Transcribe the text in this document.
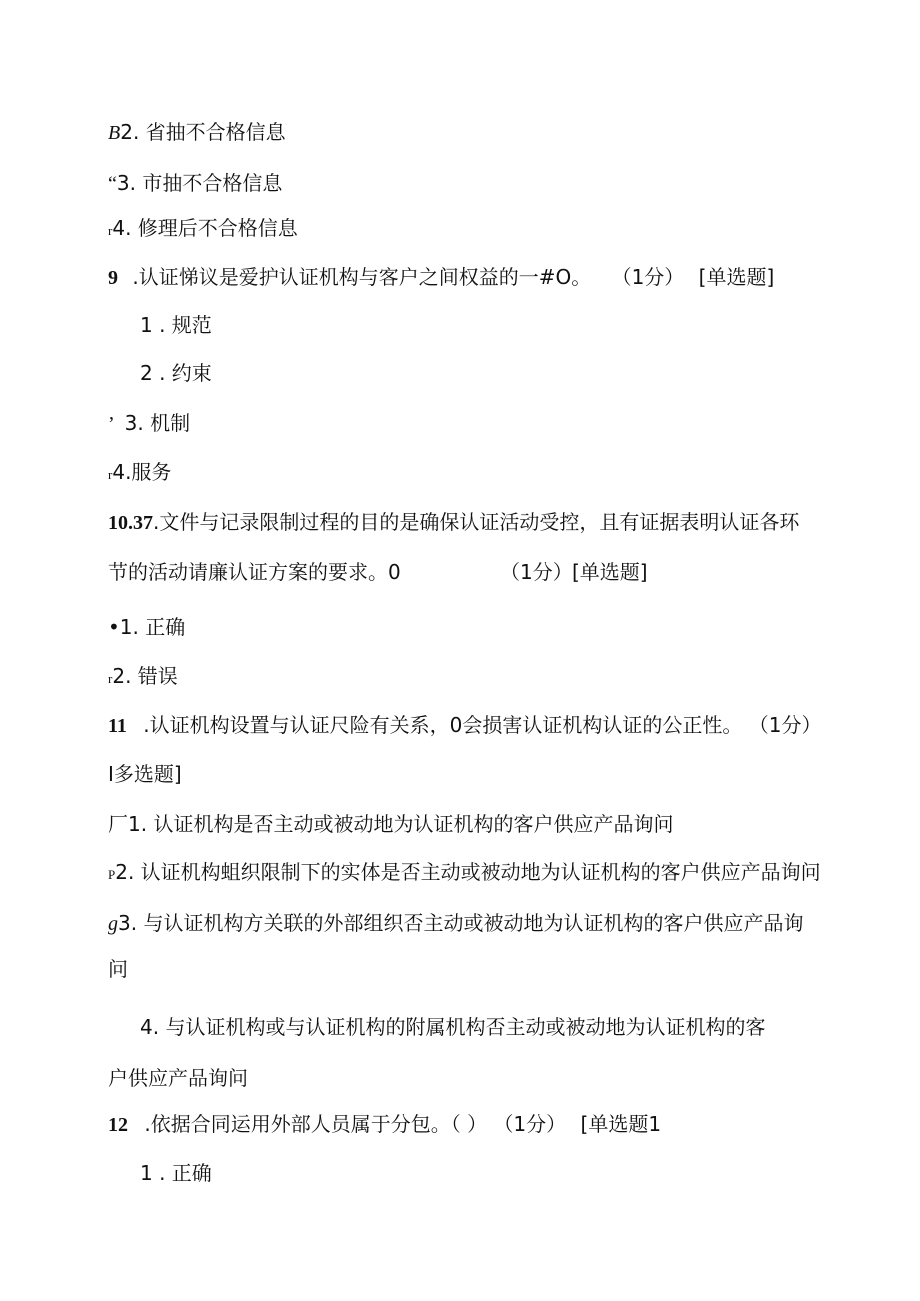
B2. 省抽不合格信息
“3. 市抽不合格信息
r4. 修理后不合格信息
9 .认证悌议是爱护认证机构与客户之间权益的一#O。 （1分） [单选题]
1 . 规范
2 . 约束
’ 3. 机制
r4.服务
10.37.文件与记录限制过程的目的是确保认证活动受控，且有证据表明认证各环
节的活动请廉认证方案的要求。0	（1分） [单选题]
•1. 正确
r2. 错误
11 .认证机构设置与认证尺险有关系，0会损害认证机构认证的公正性。 （1分）
I多选题]
厂1. 认证机构是否主动或被动地为认证机构的客户供应产品询问
P2. 认证机构蛆织限制下的实体是否主动或被动地为认证机构的客户供应产品询问
g3. 与认证机构方关联的外部组织否主动或被动地为认证机构的客户供应产品询
问
4. 与认证机构或与认证机构的附属机构否主动或被动地为认证机构的客
户供应产品询问
12 .依据合同运用外部人员属于分包。（ ） （1分） [单选题1
1 . 正确
